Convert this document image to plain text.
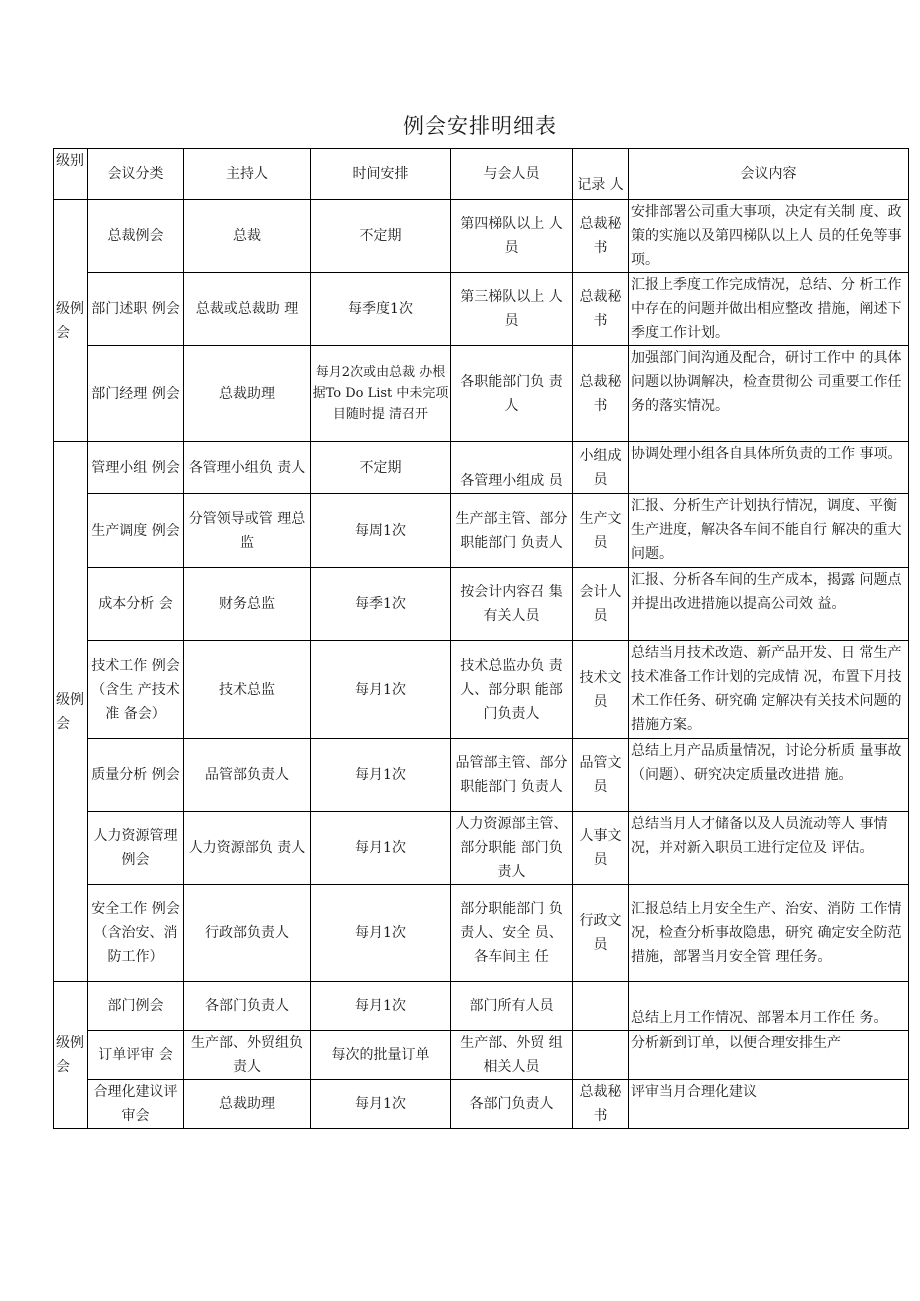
例会安排明细表
级别	会议分类	主持人	时间安排	与会人员	记录 人	会议内容
级例会	总裁例会	总裁	不定期	第四梯队以上 人员	总裁秘书	安排部署公司重大事项，决定有关制 度、政策的实施以及第四梯队以上人 员的任免等事项。
	部门述职 例会	总裁或总裁助 理	每季度1次	第三梯队以上 人员	总裁秘书	汇报上季度工作完成情况，总结、分 析工作中存在的问题并做出相应整改 措施，阐述下季度工作计划。
	部门经理 例会	总裁助理	每月2次或由总裁 办根据To Do List 中未完项目随时提 清召开	各职能部门负 责人	总裁秘书	加强部门间沟通及配合，研讨工作中 的具体问题以协调解决，检查贯彻公 司重要工作任务的落实情况。
级例会	管理小组 例会	各管理小组负 责人	不定期	各管理小组成 员	小组成员	协调处理小组各自具体所负责的工作 事项。
	生产调度 例会	分管领导或管 理总监	每周1次	生产部主管、部分职能部门 负责人	生产文员	汇报、分析生产计划执行情况，调度、平衡生产进度，解决各车间不能自行 解决的重大问题。
	成本分析 会	财务总监	每季1次	按会计内容召 集有关人员	会计人员	汇报、分析各车间的生产成本，揭露 问题点并提出改进措施以提高公司效 益。
	技术工作 例会（含生 产技术准 备会）	技术总监	每月1次	技术总监办负 责人、部分职 能部门负责人	技术文员	总结当月技术改造、新产品开发、日 常生产技术准备工作计划的完成情 况，布置下月技术工作任务、研究确 定解决有关技术问题的措施方案。
	质量分析 例会	品管部负责人	每月1次	品管部主管、部分职能部门 负责人	品管文员	总结上月产品质量情况，讨论分析质 量事故（问题）、研究决定质量改进措 施。
	人力资源管理例会	人力资源部负 责人	每月1次	人力资源部主管、部分职能 部门负责人	人事文员	总结当月人才储备以及人员流动等人 事情况，并对新入职员工进行定位及 评估。
	安全工作 例会（含治安、消防工作）	行政部负责人	每月1次	部分职能部门 负责人、安全 员、各车间主 任	行政文员	汇报总结上月安全生产、治安、消防 工作情况，检查分析事故隐患，研究 确定安全防范措施，部署当月安全管 理任务。
级例会	部门例会	各部门负责人	每月1次	部门所有人员		总结上月工作情况、部署本月工作任 务。
	订单评审 会	生产部、外贸组负责人	每次的批量订单	生产部、外贸 组相关人员		分析新到订单，以便合理安排生产
	合理化建议评审会	总裁助理	每月1次	各部门负责人	总裁秘书	评审当月合理化建议
